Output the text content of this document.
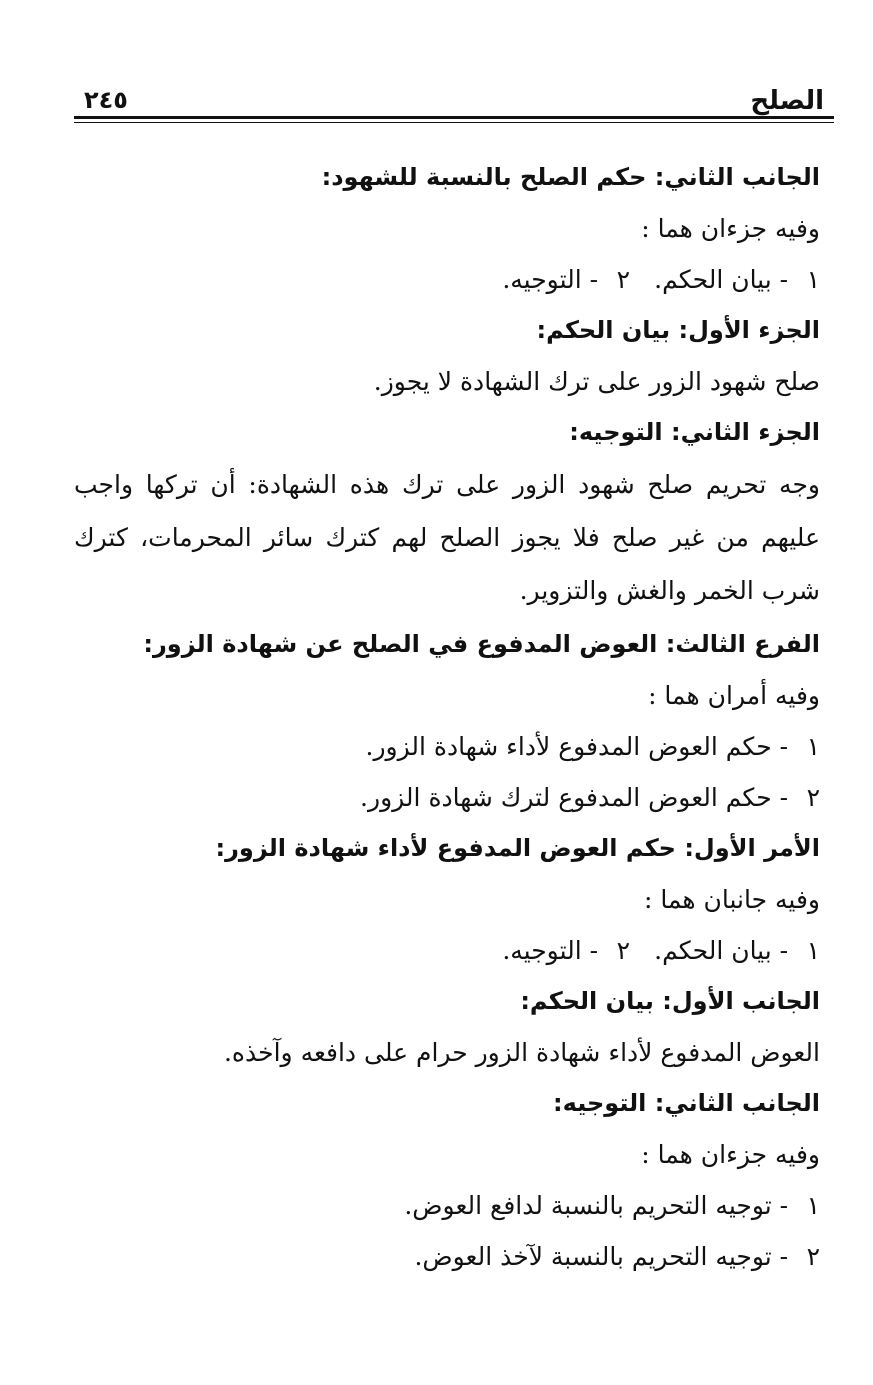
الصلح
٢٤٥
الجانب الثاني: حكم الصلح بالنسبة للشهود:
وفيه جزءان هما :
١  - بيان الحكم.
٢  - التوجيه.
الجزء الأول: بيان الحكم:
صلح شهود الزور على ترك الشهادة لا يجوز.
الجزء الثاني: التوجيه:
وجه تحريم صلح شهود الزور على ترك هذه الشهادة: أن تركها واجب عليهم من غير صلح فلا يجوز الصلح لهم كترك سائر المحرمات، كترك شرب الخمر والغش والتزوير.
الفرع الثالث: العوض المدفوع في الصلح عن شهادة الزور:
وفيه أمران هما :
١  - حكم العوض المدفوع لأداء شهادة الزور.
٢  - حكم العوض المدفوع لترك شهادة الزور.
الأمر الأول: حكم العوض المدفوع لأداء شهادة الزور:
وفيه جانبان هما :
١  - بيان الحكم.
٢  - التوجيه.
الجانب الأول: بيان الحكم:
العوض المدفوع لأداء شهادة الزور حرام على دافعه وآخذه.
الجانب الثاني: التوجيه:
وفيه جزءان هما :
١  - توجيه التحريم بالنسبة لدافع العوض.
٢  - توجيه التحريم بالنسبة لآخذ العوض.
